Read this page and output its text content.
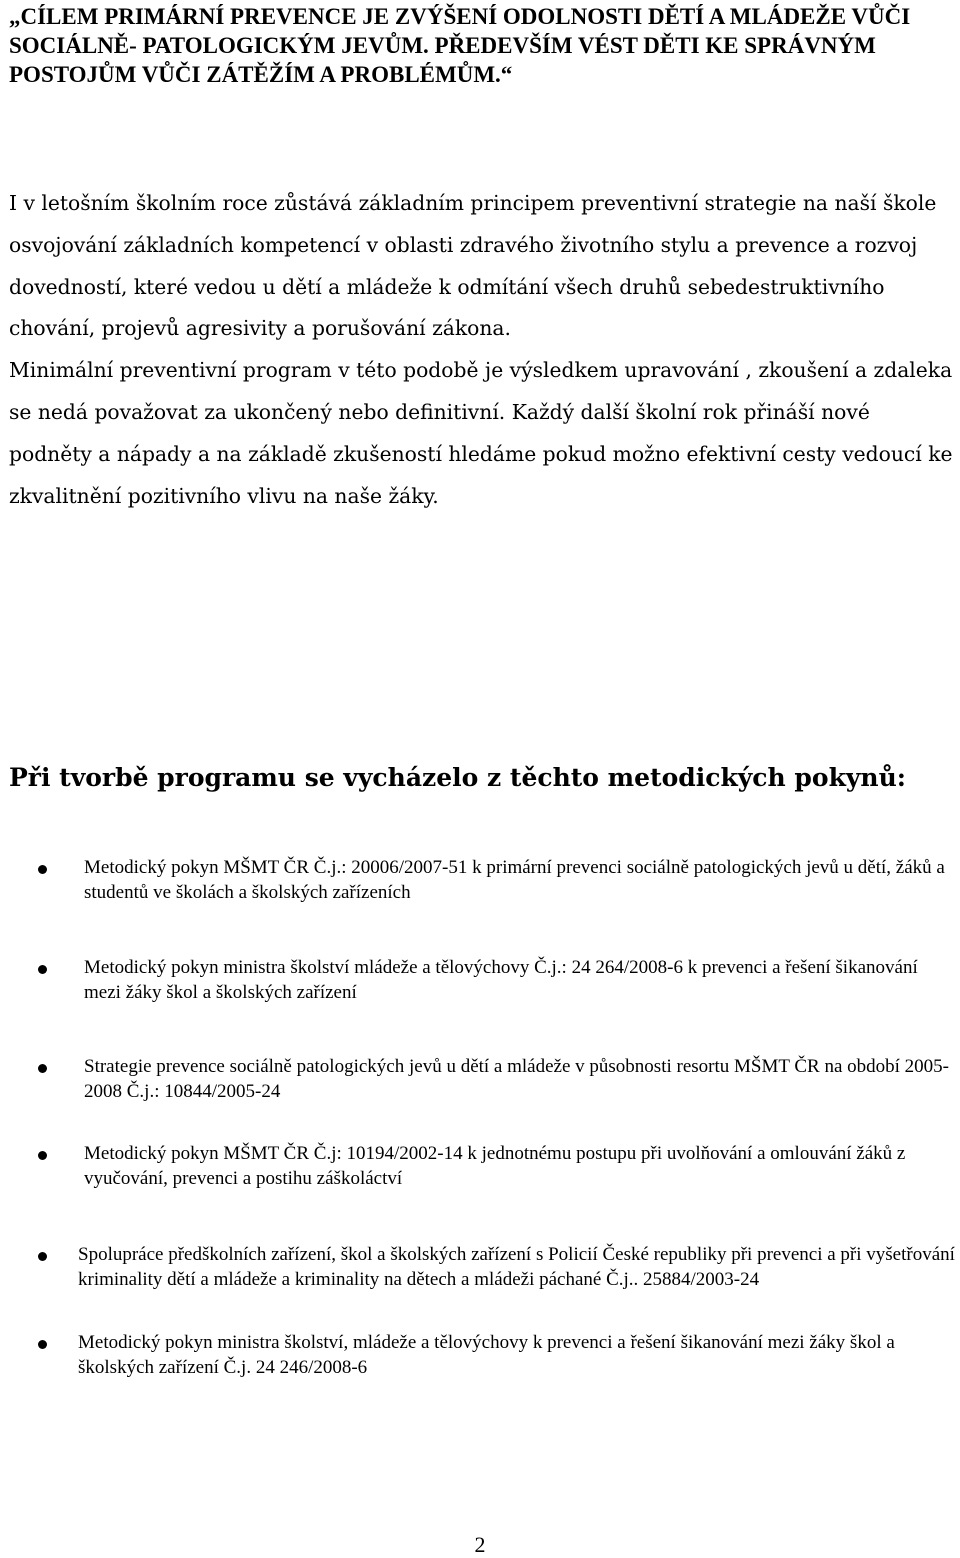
„CÍLEM PRIMÁRNÍ PREVENCE JE ZVÝŠENÍ ODOLNOSTI DĚTÍ A MLÁDEŽE VŮČI SOCIÁLNĚ- PATOLOGICKÝM JEVŮM. PŘEDEVŠÍM VÉST DĚTI KE SPRÁVNÝM POSTOJŮM VŮČI ZÁTĚŽÍM A PROBLÉMŮM.“

I v letošním školním roce zůstává základním principem preventivní strategie na naší škole osvojování základních kompetencí v oblasti zdravého životního stylu a prevence a rozvoj dovedností, které vedou u dětí a mládeže k odmítání všech druhů sebedestruktivního chování, projevů agresivity a porušování zákona.
Minimální preventivní program v této podobě je výsledkem upravování , zkoušení a zdaleka se nedá považovat za ukončený nebo definitivní. Každý další školní rok přináší nové podněty a nápady a na základě zkušeností hledáme pokud možno efektivní cesty vedoucí ke zkvalitnění pozitivního vlivu na naše žáky.

Při tvorbě programu se vycházelo z těchto metodických pokynů:
Metodický pokyn MŠMT ČR Č.j.: 20006/2007-51 k primární prevenci sociálně patologických jevů u dětí, žáků a studentů ve školách a školských zařízeních
Metodický pokyn ministra školství mládeže a tělovýchovy Č.j.: 24 264/2008-6 k prevenci a řešení šikanování mezi žáky škol a školských zařízení
Strategie prevence sociálně patologických jevů u dětí a mládeže v působnosti resortu MŠMT ČR na období 2005-2008 Č.j.: 10844/2005-24
Metodický pokyn MŠMT ČR Č.j: 10194/2002-14 k jednotnému postupu při uvolňování a omlouvání žáků z vyučování, prevenci a postihu záškoláctví
Spolupráce předškolních zařízení, škol a školských zařízení s Policií České republiky při prevenci a při vyšetřování kriminality dětí a mládeže a kriminality na dětech a mládeži páchané Č.j.. 25884/2003-24
Metodický pokyn ministra školství, mládeže a tělovýchovy k prevenci a řešení šikanování mezi žáky škol a školských zařízení Č.j. 24 246/2008-6
2
